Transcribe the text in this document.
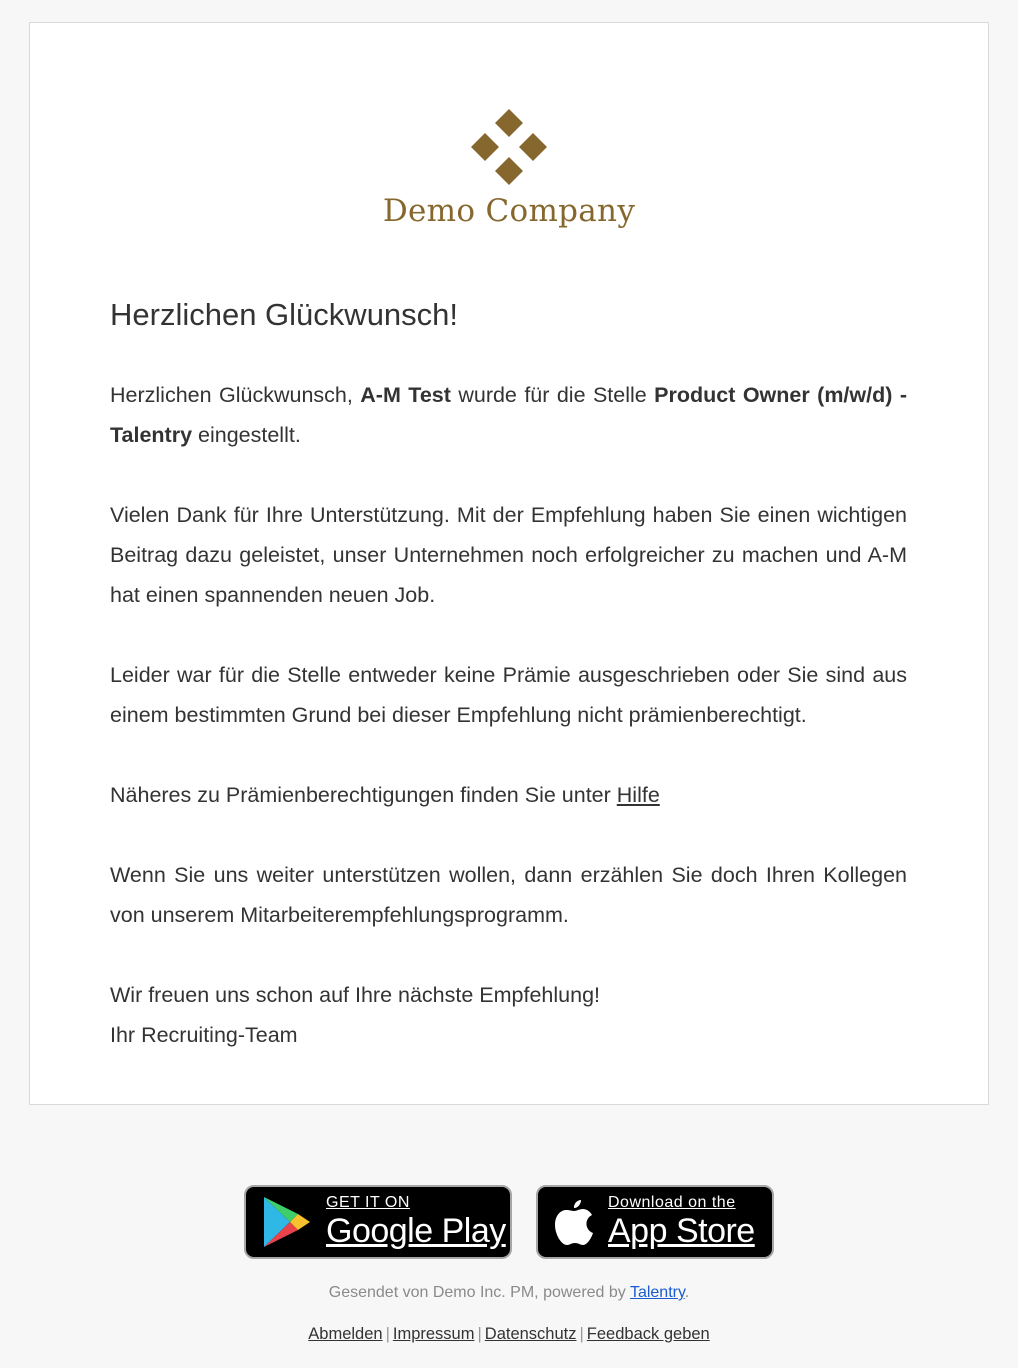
Demo Company
Herzlichen Glückwunsch!

Herzlichen Glückwunsch, A-M Test wurde für die Stelle Product Owner (m/w/d) - Talentry eingestellt.

Vielen Dank für Ihre Unterstützung. Mit der Empfehlung haben Sie einen wichtigen Beitrag dazu geleistet, unser Unternehmen noch erfolgreicher zu machen und A-M hat einen spannenden neuen Job.

Leider war für die Stelle entweder keine Prämie ausgeschrieben oder Sie sind aus einem bestimmten Grund bei dieser Empfehlung nicht prämienberechtigt.

Näheres zu Prämienberechtigungen finden Sie unter Hilfe

Wenn Sie uns weiter unterstützen wollen, dann erzählen Sie doch Ihren Kollegen von unserem Mitarbeiterempfehlungsprogramm.

Wir freuen uns schon auf Ihre nächste Empfehlung!

Ihr Recruiting-Team

GET IT ON
Google Play
Download on the
App Store
Gesendet von Demo Inc. PM, powered by Talentry.
Abmelden | Impressum | Datenschutz | Feedback geben
